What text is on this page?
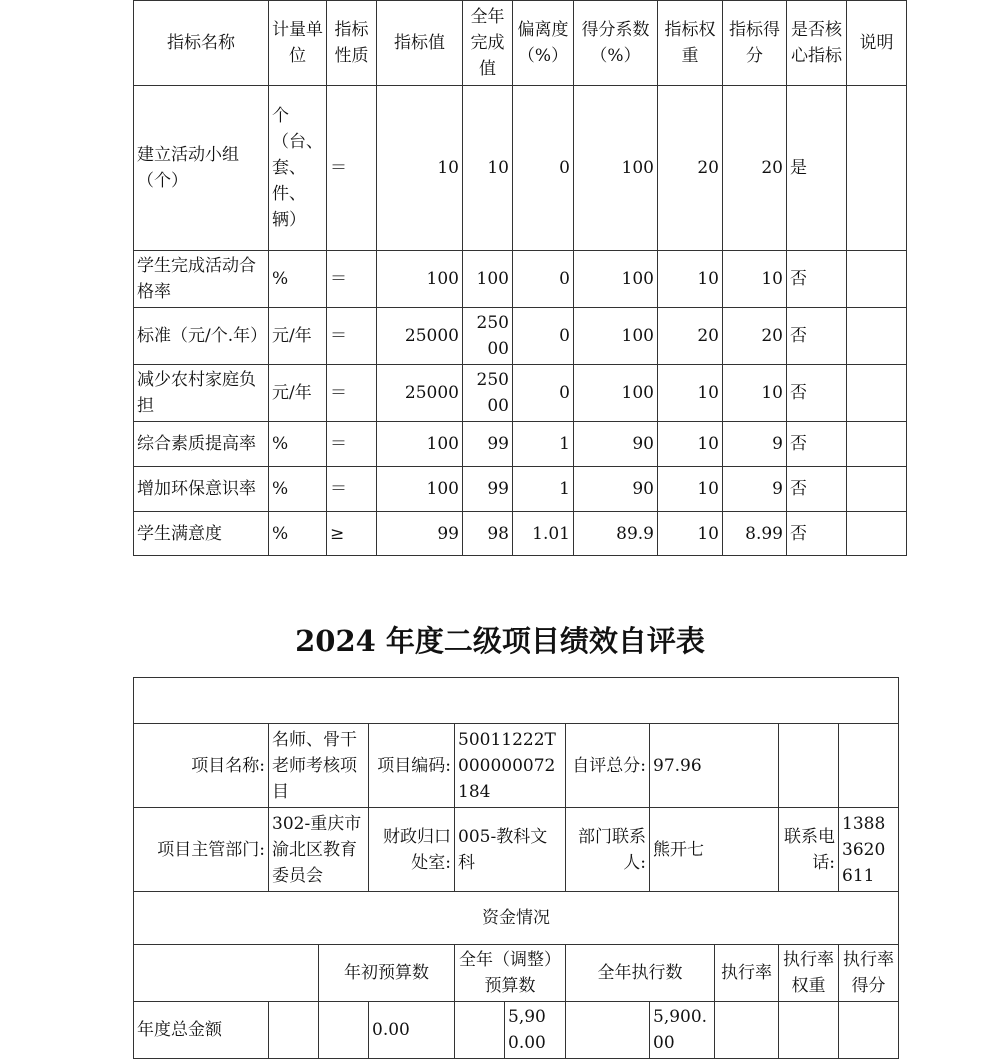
指标名称	计量单位	指标性质	指标值	全年完成值	偏离度（%）	得分系数（%）	指标权重	指标得分	是否核心指标	说明
建立活动小组（个）	个（台、套、件、辆）	＝	10	10	0	100	20	20	是	
学生完成活动合格率	%	＝	100	100	0	100	10	10	否	
标准（元/个.年）	元/年	＝	25000	25000	0	100	20	20	否	
减少农村家庭负担	元/年	＝	25000	25000	0	100	10	10	否	
综合素质提高率	%	＝	100	99	1	90	10	9	否	
增加环保意识率	%	＝	100	99	1	90	10	9	否	
学生满意度	%	≥	99	98	1.01	89.9	10	8.99	否	
2024 年度二级项目绩效自评表

项目名称:	名师、骨干老师考核项目		项目编码:	50011222T000000072184		自评总分:	97.96			
项目主管部门:	302-重庆市渝北区教育委员会		财政归口处室:	005-教科文科		部门联系人:	熊开七		联系电话:	13883620611
资金情况										
		年初预算数		全年（调整）预算数		全年执行数		执行率	执行率权重	执行率得分
年度总金额			0.00		5,900.00		5,900.00			
